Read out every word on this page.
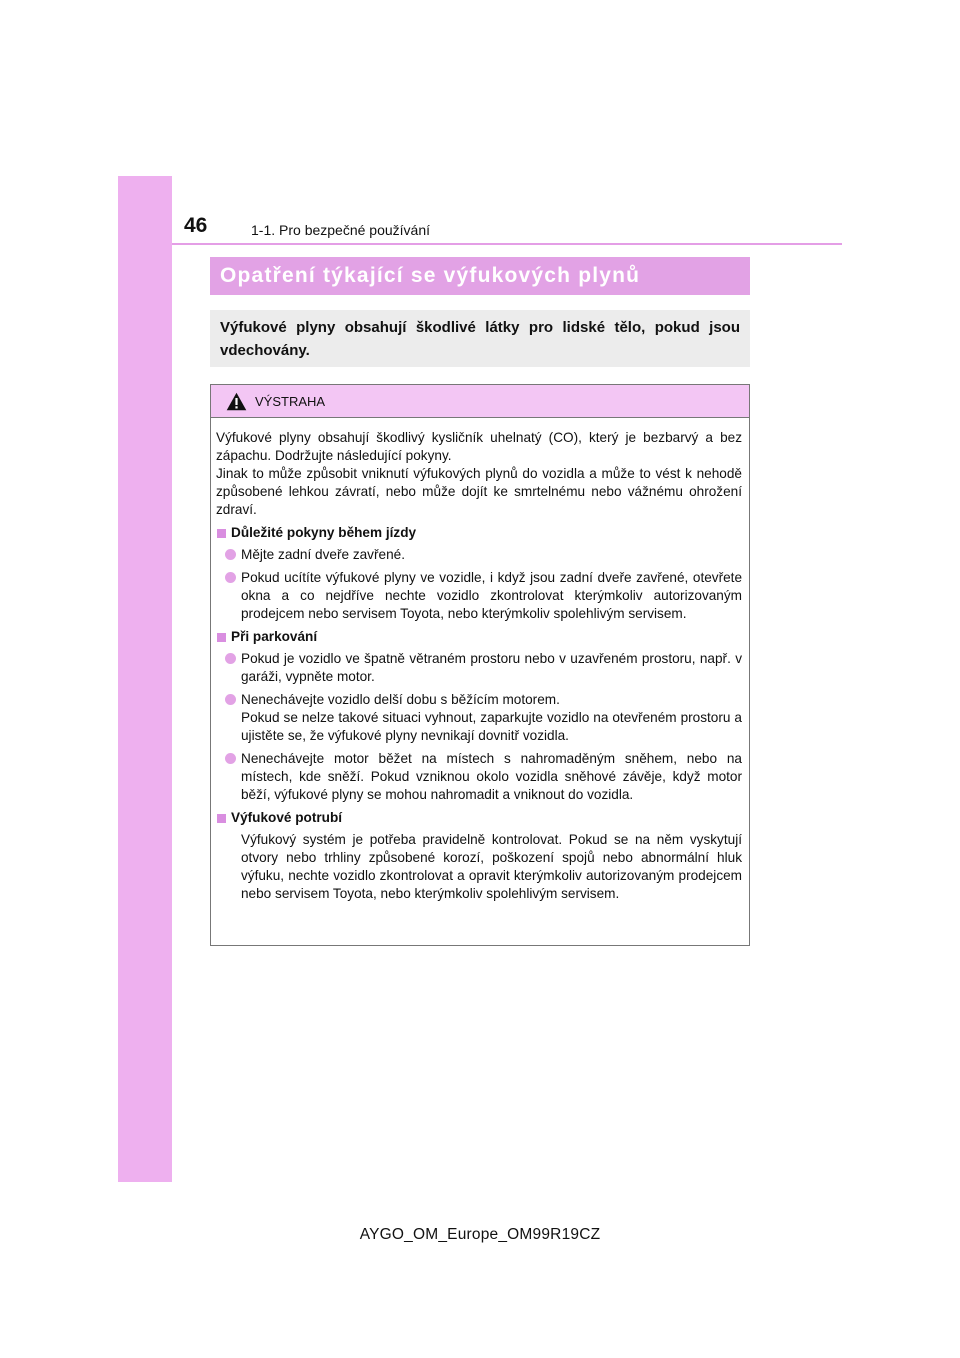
46	1-1. Pro bezpečné používání
Opatření týkající se výfukových plynů
Výfukové plyny obsahují škodlivé látky pro lidské tělo, pokud jsou vdechovány.
VÝSTRAHA
Výfukové plyny obsahují škodlivý kysličník uhelnatý (CO), který je bezbarvý a bez zápachu. Dodržujte následující pokyny.
Jinak to může způsobit vniknutí výfukových plynů do vozidla a může to vést k nehodě způsobené lehkou závratí, nebo může dojít ke smrtelnému nebo vážnému ohrožení zdraví.
Důležité pokyny během jízdy
Mějte zadní dveře zavřené.
Pokud ucítíte výfukové plyny ve vozidle, i když jsou zadní dveře zavřené, otevřete okna a co nejdříve nechte vozidlo zkontrolovat kterýmkoliv autorizovaným prodejcem nebo servisem Toyota, nebo kterýmkoliv spolehlivým servisem.
Při parkování
Pokud je vozidlo ve špatně větraném prostoru nebo v uzavřeném prostoru, např. v garáži, vypněte motor.
Nenechávejte vozidlo delší dobu s běžícím motorem.
Pokud se nelze takové situaci vyhnout, zaparkujte vozidlo na otevřeném prostoru a ujistěte se, že výfukové plyny nevnikají dovnitř vozidla.
Nenechávejte motor běžet na místech s nahromaděným sněhem, nebo na místech, kde sněží. Pokud vzniknou okolo vozidla sněhové závěje, když motor běží, výfukové plyny se mohou nahromadit a vniknout do vozidla.
Výfukové potrubí
Výfukový systém je potřeba pravidelně kontrolovat. Pokud se na něm vyskytují otvory nebo trhliny způsobené korozí, poškození spojů nebo abnormální hluk výfuku, nechte vozidlo zkontrolovat a opravit kterýmkoliv autorizovaným prodejcem nebo servisem Toyota, nebo kterýmkoliv spolehlivým servisem.
AYGO_OM_Europe_OM99R19CZ
